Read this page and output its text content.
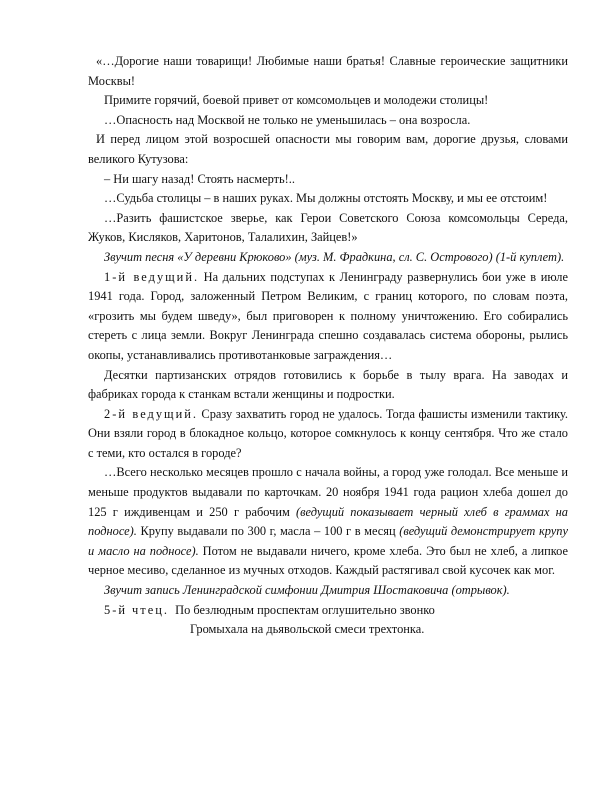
«…Дорогие наши товарищи! Любимые наши братья! Славные героические защитники Москвы!

Примите горячий, боевой привет от комсомольцев и молодежи столицы!

…Опасность над Москвой не только не уменьшилась – она возросла.

И перед лицом этой возросшей опасности мы говорим вам, дорогие друзья, словами великого Кутузова:

– Ни шагу назад! Стоять насмерть!..

…Судьба столицы – в наших руках. Мы должны отстоять Москву, и мы ее отстоим!

…Разить фашистское зверье, как Герои Советского Союза комсомольцы Середа, Жуков, Кисляков, Харитонов, Талалихин, Зайцев!»

Звучит песня «У деревни Крюково» (муз. М. Фрадкина, сл. С. Острового) (1-й куплет).

1-й ведущий. На дальних подступах к Ленинграду развернулись бои уже в июле 1941 года. Город, заложенный Петром Великим, с границ которого, по словам поэта, «грозить мы будем шведу», был приговорен к полному уничтожению. Его собирались стереть с лица земли. Вокруг Ленинграда спешно создавалась система обороны, рылись окопы, устанавливались противотанковые заграждения…

Десятки партизанских отрядов готовились к борьбе в тылу врага. На заводах и фабриках города к станкам встали женщины и подростки.

2-й ведущий. Сразу захватить город не удалось. Тогда фашисты изменили тактику. Они взяли город в блокадное кольцо, которое сомкнулось к концу сентября. Что же стало с теми, кто остался в городе?

…Всего несколько месяцев прошло с начала войны, а город уже голодал. Все меньше и меньше продуктов выдавали по карточкам. 20 ноября 1941 года рацион хлеба дошел до 125 г иждивенцам и 250 г рабочим (ведущий показывает черный хлеб в граммах на подносе). Крупу выдавали по 300 г, масла – 100 г в месяц (ведущий демонстрирует крупу и масло на подносе). Потом не выдавали ничего, кроме хлеба. Это был не хлеб, а липкое черное месиво, сделанное из мучных отходов. Каждый растягивал свой кусочек как мог.

Звучит запись Ленинградской симфонии Дмитрия Шостаковича (отрывок).

5-й чтец. По безлюдным проспектам оглушительно звонко
Громыхала на дьявольской смеси трехтонка.
